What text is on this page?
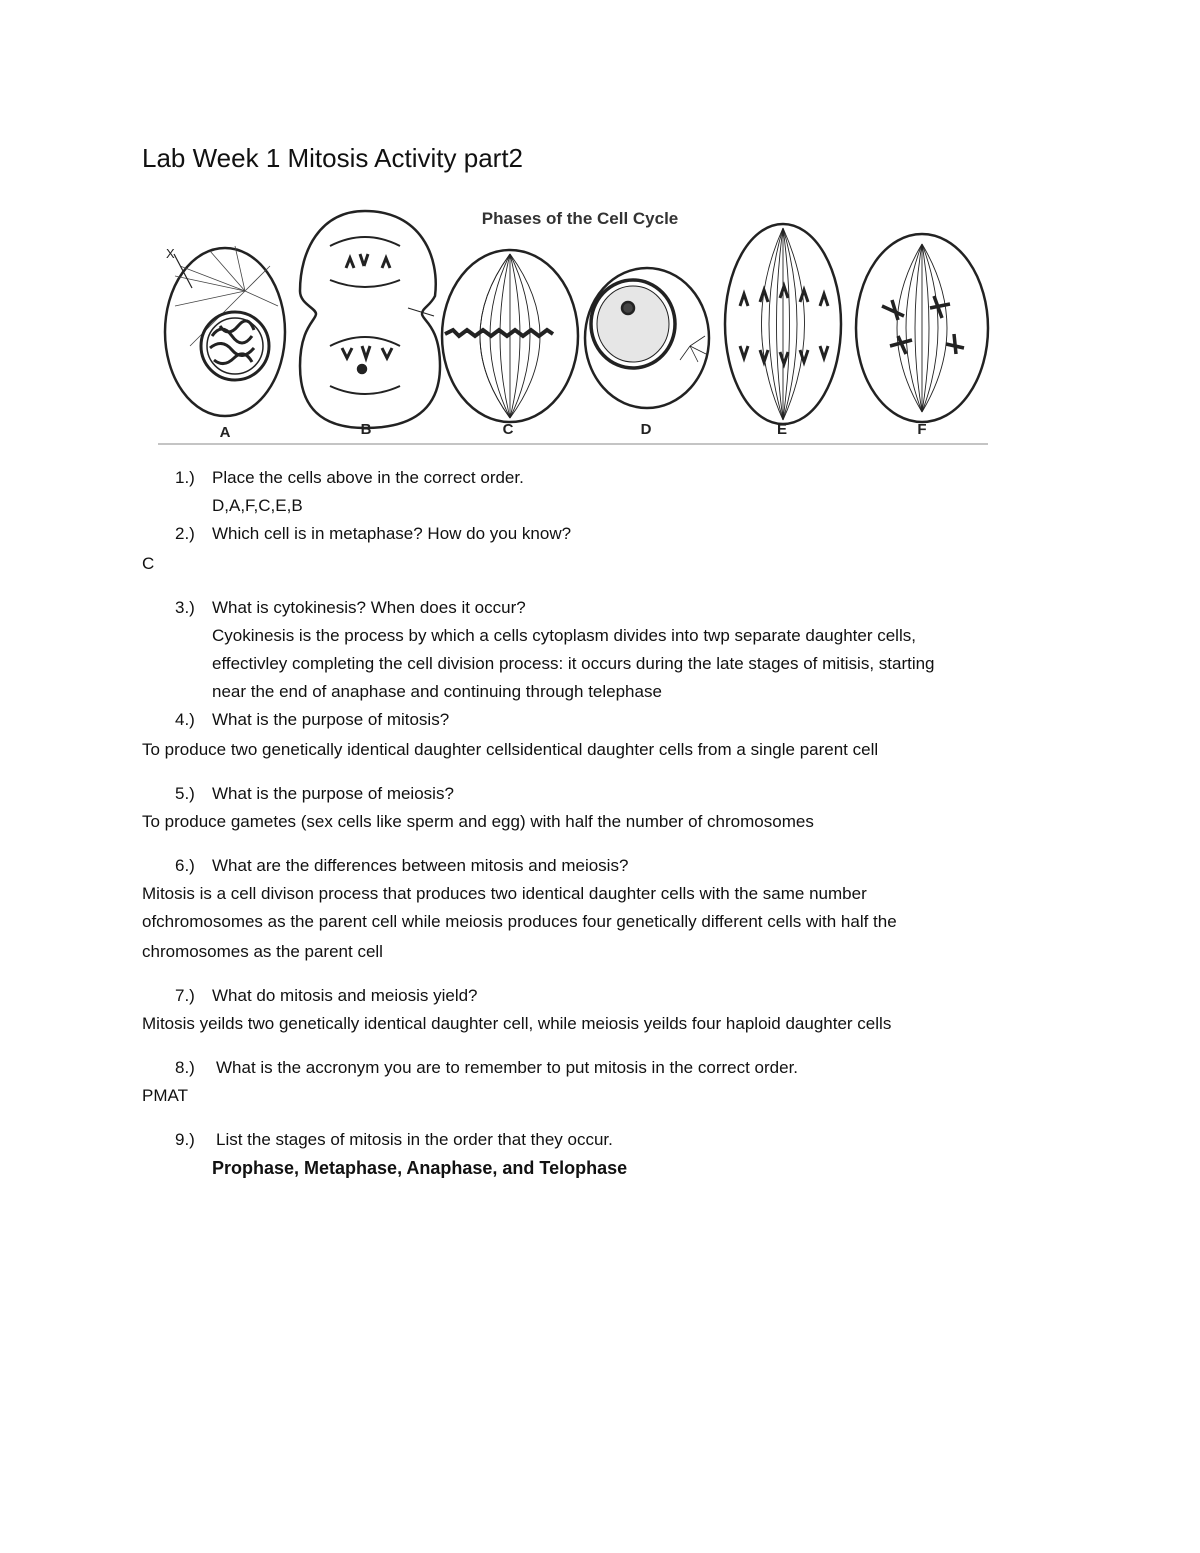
Lab Week 1 Mitosis Activity part2
Phases of the Cell Cycle
X
A	B	C	D	E	F
1.) Place the cells above in the correct order.
D,A,F,C,E,B
2.) Which cell is in metaphase? How do you know?
C
3.) What is cytokinesis? When does it occur?
Cyokinesis is the process by which a cells cytoplasm divides into twp separate daughter cells,
effectivley completing the cell division process: it occurs during the late stages of mitisis, starting
near the end of anaphase and continuing through telephase
4.) What is the purpose of mitosis?
To produce two genetically identical daughter cellsidentical daughter cells from a single parent cell
5.) What is the purpose of meiosis?
To produce gametes (sex cells like sperm and egg) with half the number of chromosomes
6.) What are the differences between mitosis and meiosis?
Mitosis is a cell divison process that produces two identical daughter cells with the same number
ofchromosomes as the parent cell while meiosis produces four genetically different cells with half the
chromosomes as the parent cell
7.) What do mitosis and meiosis yield?
Mitosis yeilds two genetically identical daughter cell, while meiosis yeilds four haploid daughter cells
8.) What is the accronym you are to remember to put mitosis in the correct order.
PMAT
9.) List the stages of mitosis in the order that they occur.
Prophase, Metaphase, Anaphase, and Telophase
